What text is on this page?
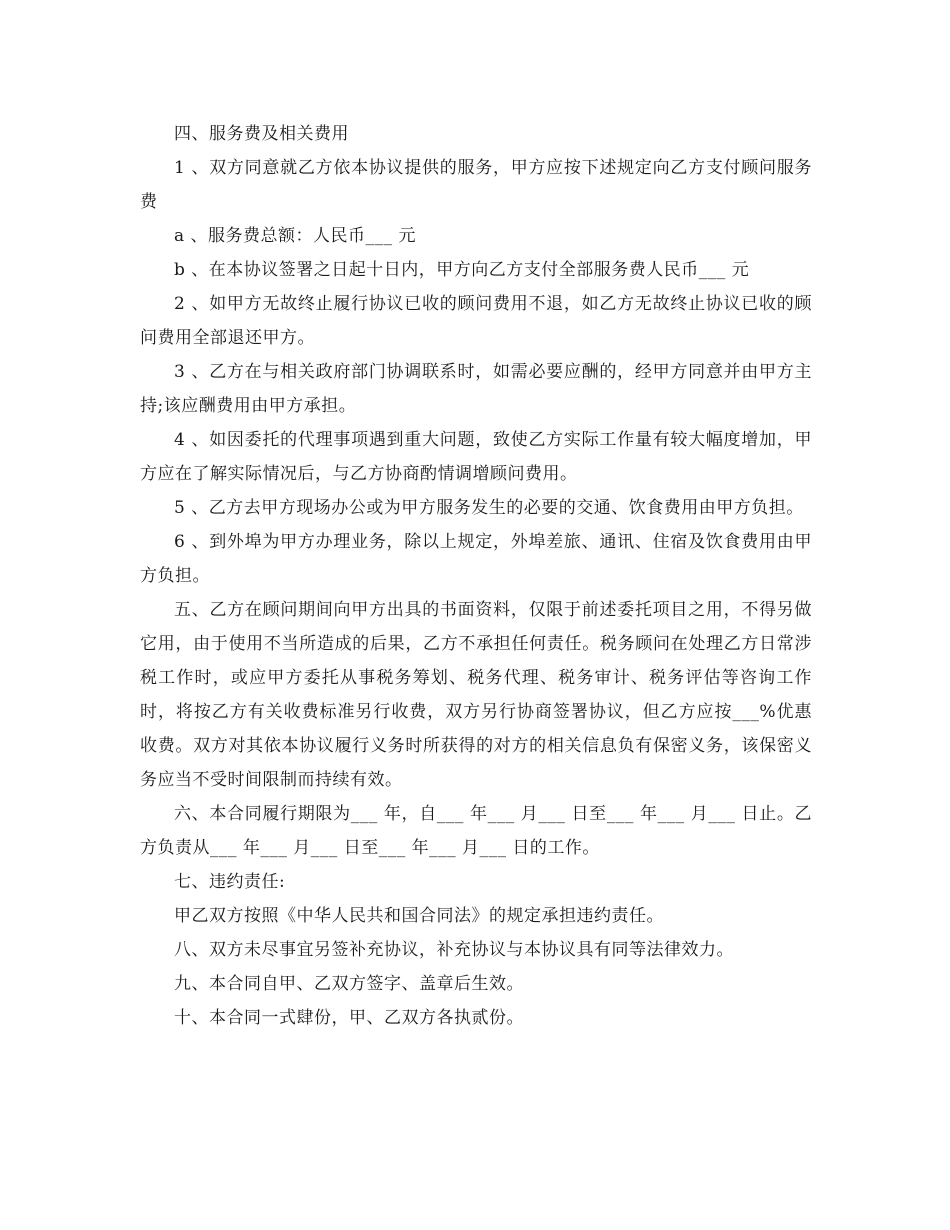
四、服务费及相关费用

1 、双方同意就乙方依本协议提供的服务，甲方应按下述规定向乙方支付顾问服务费

a 、服务费总额：人民币___ 元

b 、在本协议签署之日起十日内，甲方向乙方支付全部服务费人民币___ 元

2 、如甲方无故终止履行协议已收的顾问费用不退，如乙方无故终止协议已收的顾问费用全部退还甲方。

3 、乙方在与相关政府部门协调联系时，如需必要应酬的，经甲方同意并由甲方主持;该应酬费用由甲方承担。

4 、如因委托的代理事项遇到重大问题，致使乙方实际工作量有较大幅度增加，甲方应在了解实际情况后，与乙方协商酌情调增顾问费用。

5 、乙方去甲方现场办公或为甲方服务发生的必要的交通、饮食费用由甲方负担。

6 、到外埠为甲方办理业务，除以上规定，外埠差旅、通讯、住宿及饮食费用由甲方负担。

五、乙方在顾问期间向甲方出具的书面资料，仅限于前述委托项目之用，不得另做它用，由于使用不当所造成的后果，乙方不承担任何责任。税务顾问在处理乙方日常涉税工作时，或应甲方委托从事税务筹划、税务代理、税务审计、税务评估等咨询工作时，将按乙方有关收费标准另行收费，双方另行协商签署协议，但乙方应按___%优惠收费。双方对其依本协议履行义务时所获得的对方的相关信息负有保密义务，该保密义务应当不受时间限制而持续有效。

六、本合同履行期限为___ 年，自___ 年___ 月___ 日至___ 年___ 月___ 日止。乙方负责从___ 年___ 月___ 日至___ 年___ 月___ 日的工作。

七、违约责任:

甲乙双方按照《中华人民共和国合同法》的规定承担违约责任。

八、双方未尽事宜另签补充协议，补充协议与本协议具有同等法律效力。

九、本合同自甲、乙双方签字、盖章后生效。

十、本合同一式肆份，甲、乙双方各执贰份。
